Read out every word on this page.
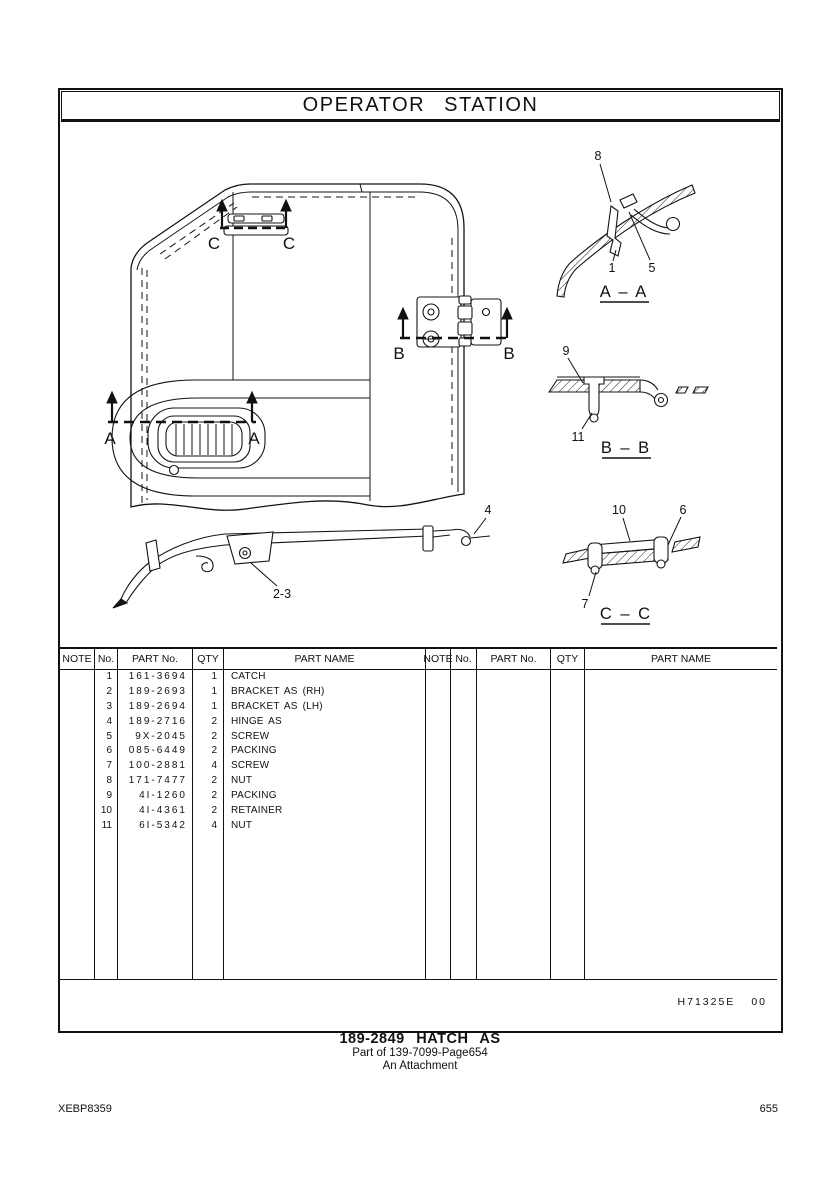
OPERATOR STATION
A	A
B	B
C	C
4
2-3
8
1	5
A – A
9
11
B – B
10	6
7
C – C
NOTE No.	PART No.	QTY	PART NAME	NOTE No.	PART No.	QTY	PART NAME
1	161-3694	1	CATCH
2	189-2693	1	BRACKET AS (RH)
3	189-2694	1	BRACKET AS (LH)
4	189-2716	2	HINGE AS
5	9X-2045	2	SCREW
6	085-6449	2	PACKING
7	100-2881	4	SCREW
8	171-7477	2	NUT
9	4I-1260	2	PACKING
10	4I-4361	2	RETAINER
11	6I-5342	4	NUT
H71325E 00
189-2849 HATCH AS
Part of 139-7099-Page654
An Attachment
XEBP8359	655
